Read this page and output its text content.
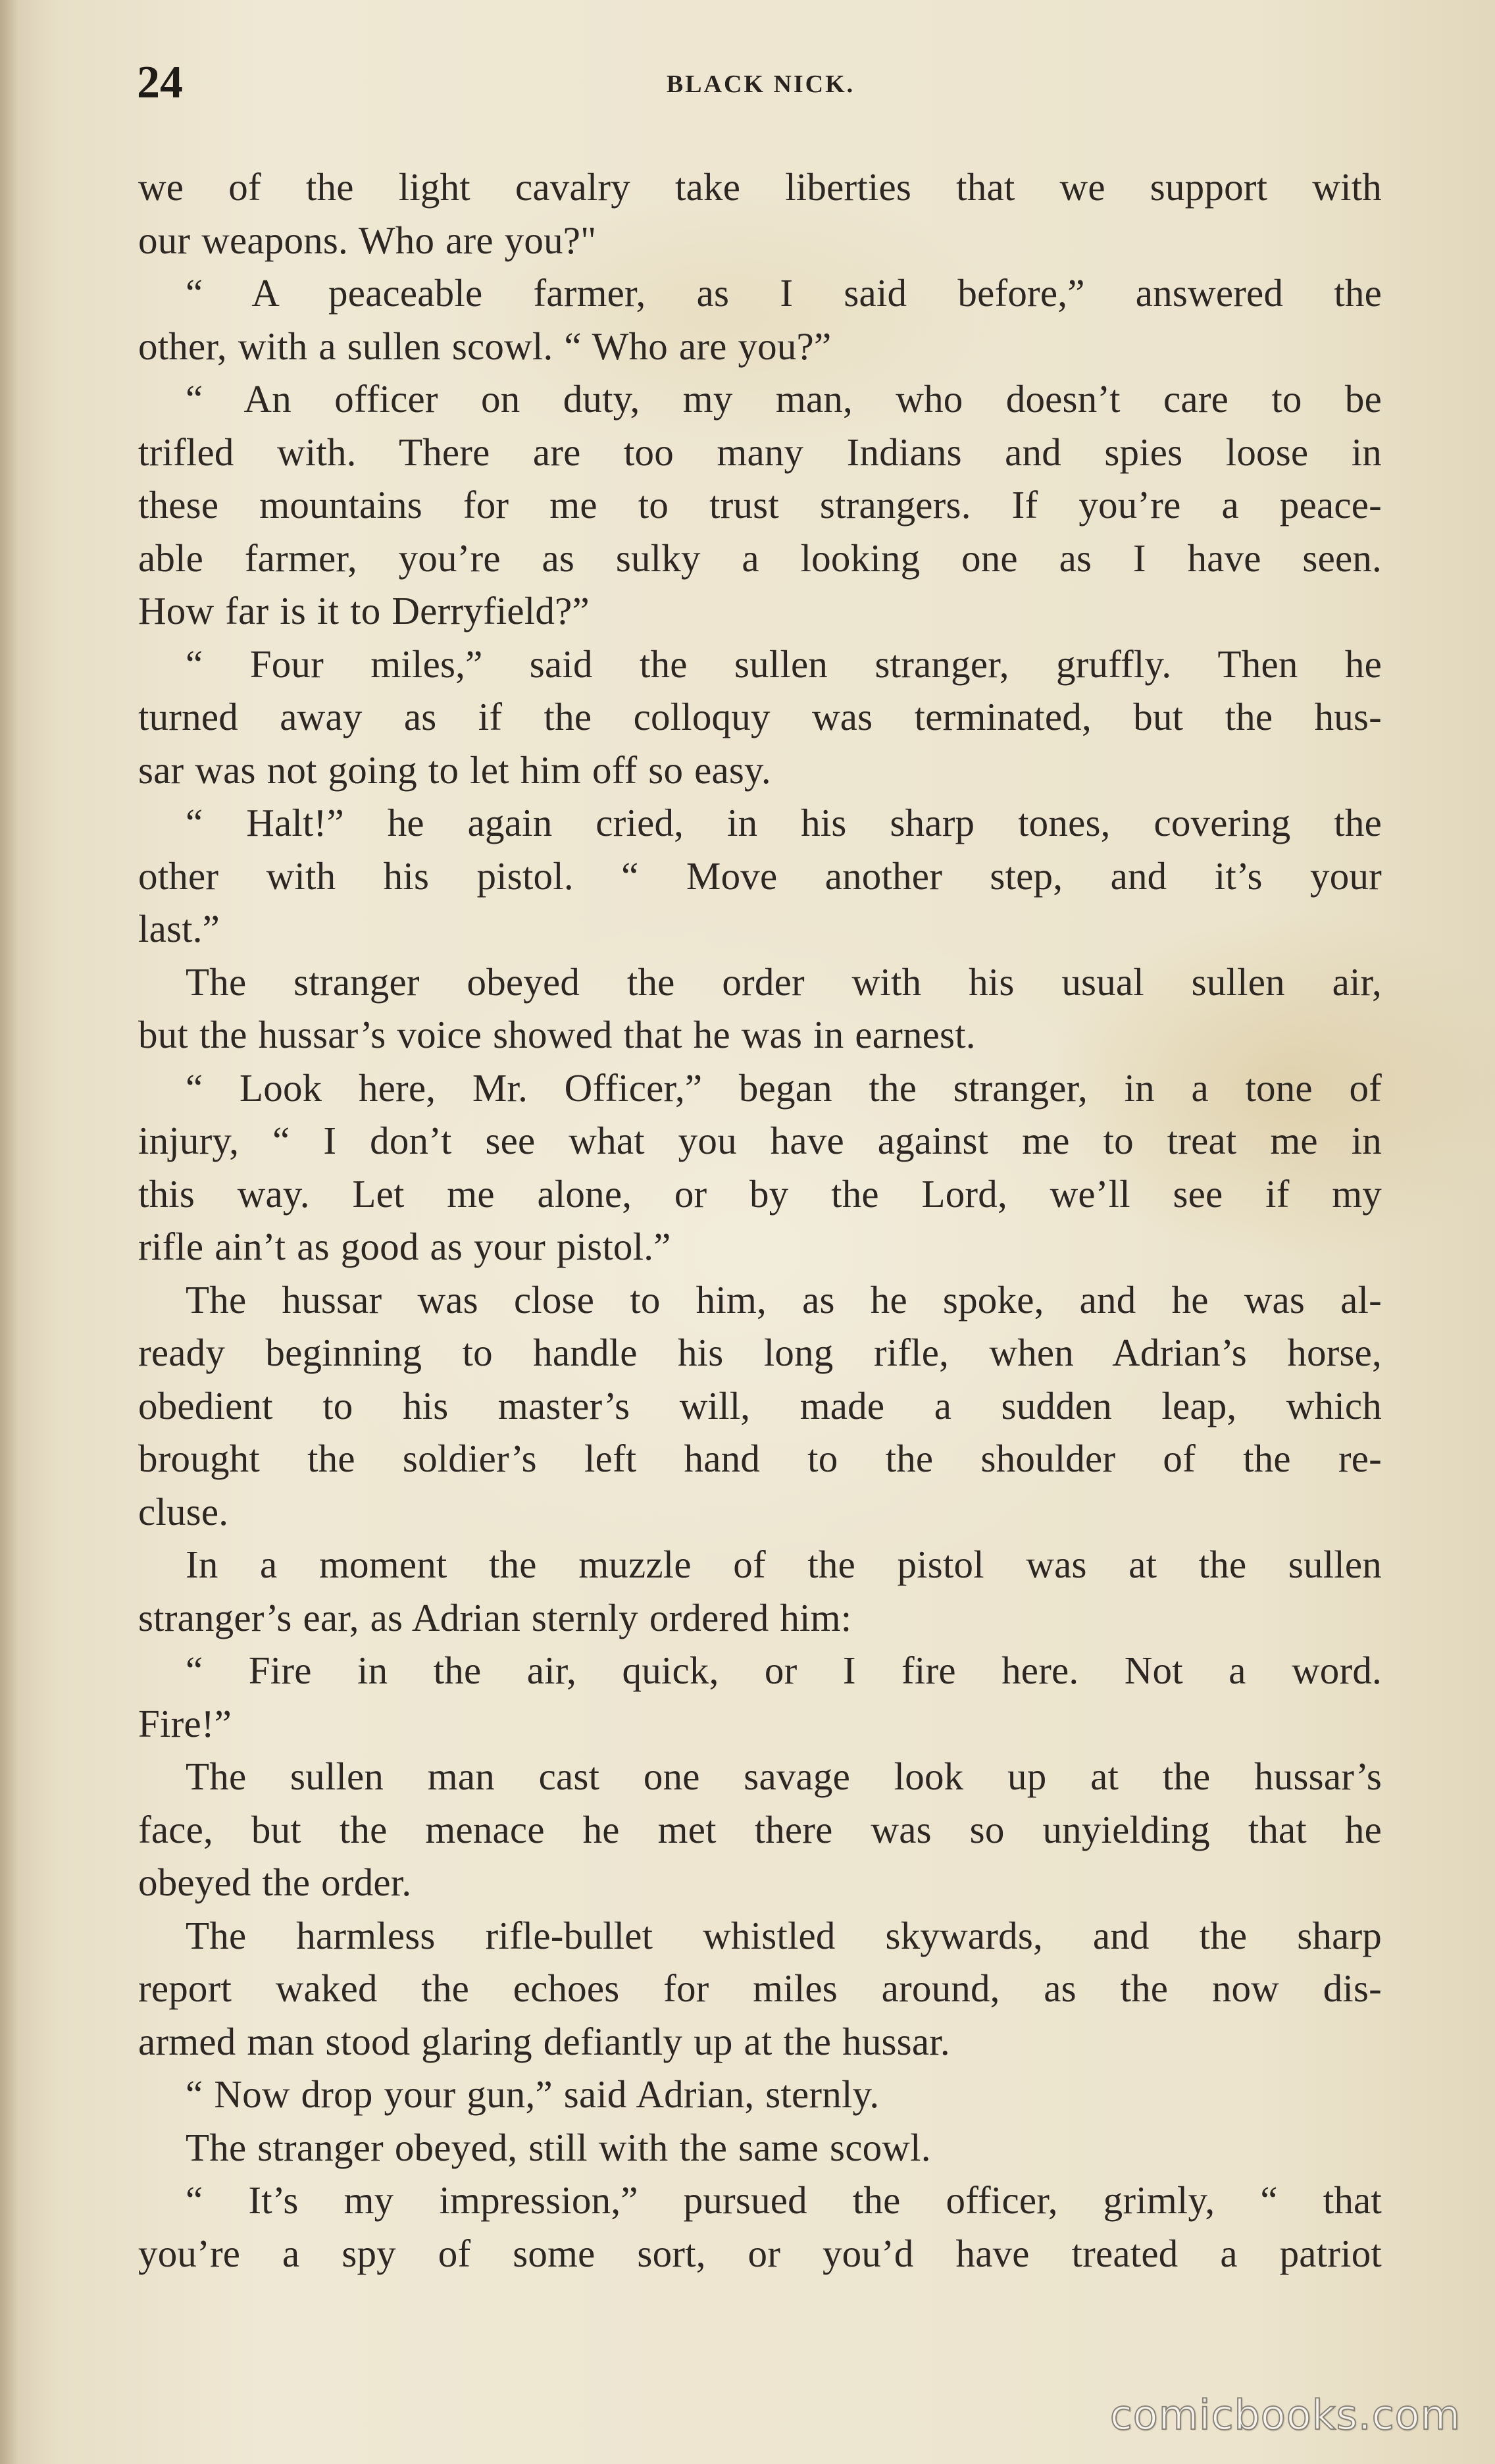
24	BLACK NICK.

we of the light cavalry take liberties that we support with

our weapons. Who are you?"

“ A peaceable farmer, as I said before,” answered the

other, with a sullen scowl. “ Who are you?”

“ An officer on duty, my man, who doesn’t care to be

trifled with. There are too many Indians and spies loose in

these mountains for me to trust strangers. If you’re a peace-

able farmer, you’re as sulky a looking one as I have seen.

How far is it to Derryfield?”

“ Four miles,” said the sullen stranger, gruffly. Then he

turned away as if the colloquy was terminated, but the hus-

sar was not going to let him off so easy.

“ Halt!” he again cried, in his sharp tones, covering the

other with his pistol. “ Move another step, and it’s your

last.”

The stranger obeyed the order with his usual sullen air,

but the hussar’s voice showed that he was in earnest.

“ Look here, Mr. Officer,” began the stranger, in a tone of

injury, “ I don’t see what you have against me to treat me in

this way. Let me alone, or by the Lord, we’ll see if my

rifle ain’t as good as your pistol.”

The hussar was close to him, as he spoke, and he was al-

ready beginning to handle his long rifle, when Adrian’s horse,

obedient to his master’s will, made a sudden leap, which

brought the soldier’s left hand to the shoulder of the re-

cluse.

In a moment the muzzle of the pistol was at the sullen

stranger’s ear, as Adrian sternly ordered him:

“ Fire in the air, quick, or I fire here. Not a word.

Fire!”

The sullen man cast one savage look up at the hussar’s

face, but the menace he met there was so unyielding that he

obeyed the order.

The harmless rifle-bullet whistled skywards, and the sharp

report waked the echoes for miles around, as the now dis-

armed man stood glaring defiantly up at the hussar.

“ Now drop your gun,” said Adrian, sternly.

The stranger obeyed, still with the same scowl.

“ It’s my impression,” pursued the officer, grimly, “ that

you’re a spy of some sort, or you’d have treated a patriot

comicbooks.com
